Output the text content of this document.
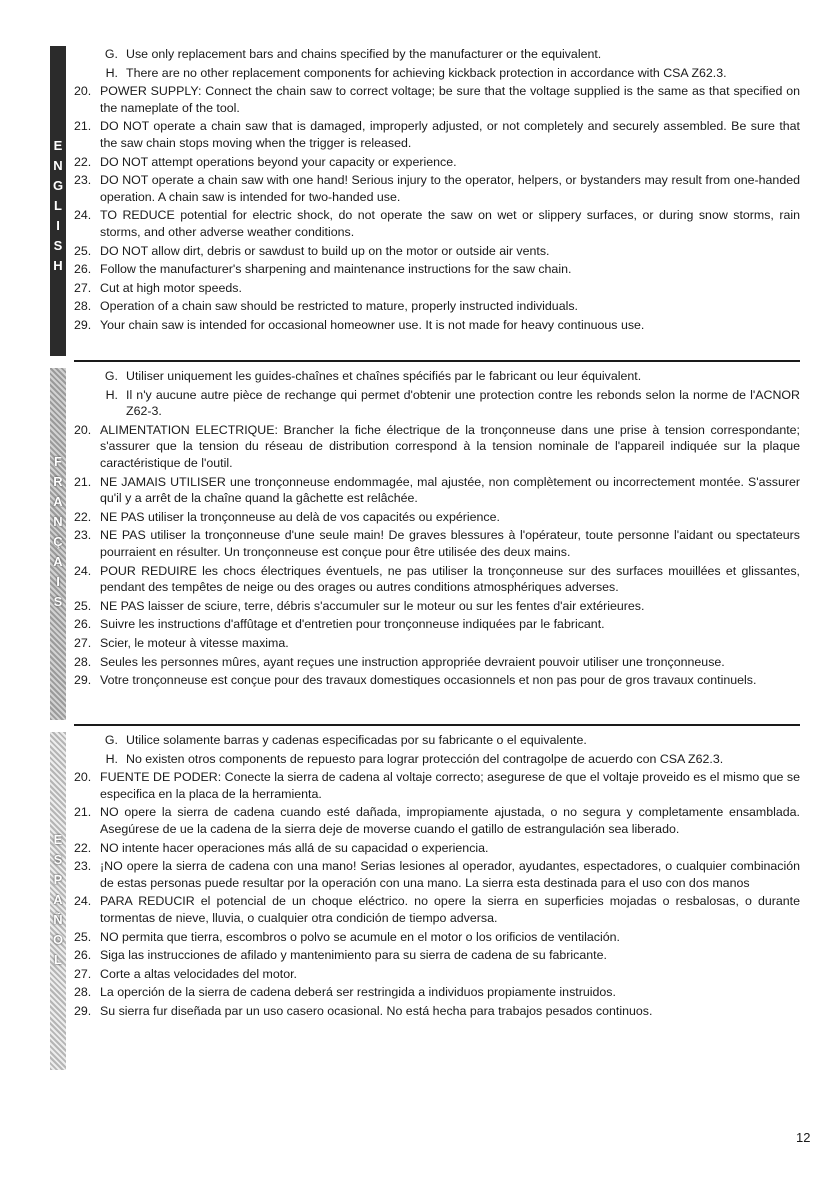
E
N
G
L
I
S
H
G. Use only replacement bars and chains specified by the manufacturer or the equivalent.
H. There are no other replacement components for achieving kickback protection in accordance with CSA Z62.3.
20. POWER SUPPLY: Connect the chain saw to correct voltage; be sure that the voltage supplied is the same as that specified on the nameplate of the tool.
21. DO NOT operate a chain saw that is damaged, improperly adjusted, or not completely and securely assembled. Be sure that the saw chain stops moving when the trigger is released.
22. DO NOT attempt operations beyond your capacity or experience.
23. DO NOT operate a chain saw with one hand! Serious injury to the operator, helpers, or bystanders may result from one-handed operation. A chain saw is intended for two-handed use.
24. TO REDUCE potential for electric shock, do not operate the saw on wet or slippery surfaces, or during snow storms, rain storms, and other adverse weather conditions.
25. DO NOT allow dirt, debris or sawdust to build up on the motor or outside air vents.
26. Follow the manufacturer's sharpening and maintenance instructions for the saw chain.
27. Cut at high motor speeds.
28. Operation of a chain saw should be restricted to mature, properly instructed individuals.
29. Your chain saw is intended for occasional homeowner use. It is not made for heavy continuous use.
F
R
A
N
Ç
A
I
S
G. Utiliser uniquement les guides-chaînes et chaînes spécifiés par le fabricant ou leur équivalent.
H. Il n'y aucune autre pièce de rechange qui permet d'obtenir une protection contre les rebonds selon la norme de l'ACNOR Z62-3.
20. ALIMENTATION ELECTRIQUE: Brancher la fiche électrique de la tronçonneuse dans une prise à tension correspondante; s'assurer que la tension du réseau de distribution correspond à la tension nominale de l'appareil indiquée sur la plaque caractéristique de l'outil.
21. NE JAMAIS UTILISER une tronçonneuse endommagée, mal ajustée, non complètement ou incorrectement montée. S'assurer qu'il y a arrêt de la chaîne quand la gâchette est relâchée.
22. NE PAS utiliser la tronçonneuse au delà de vos capacités ou expérience.
23. NE PAS utiliser la tronçonneuse d'une seule main! De graves blessures à l'opérateur, toute personne l'aidant ou spectateurs pourraient en résulter. Un tronçonneuse est conçue pour être utilisée des deux mains.
24. POUR REDUIRE les chocs électriques éventuels, ne pas utiliser la tronçonneuse sur des surfaces mouillées et glissantes, pendant des tempêtes de neige ou des orages ou autres conditions atmosphériques adverses.
25. NE PAS laisser de sciure, terre, débris s'accumuler sur le moteur ou sur les fentes d'air extérieures.
26. Suivre les instructions d'affûtage et d'entretien pour tronçonneuse indiquées par le fabricant.
27. Scier, le moteur à vitesse maxima.
28. Seules les personnes mûres, ayant reçues une instruction appropriée devraient pouvoir utiliser une tronçonneuse.
29. Votre tronçonneuse est conçue pour des travaux domestiques occasionnels et non pas pour de gros travaux continuels.
E
S
P
A
Ñ
O
L
G. Utilice solamente barras y cadenas especificadas por su fabricante o el equivalente.
H. No existen otros components de repuesto para lograr protección del contragolpe de acuerdo con CSA Z62.3.
20. FUENTE DE PODER: Conecte la sierra de cadena al voltaje correcto; asegurese de que el voltaje proveido es el mismo que se especifica en la placa de la herramienta.
21. NO opere la sierra de cadena cuando esté dañada, impropiamente ajustada, o no segura y completamente ensamblada. Asegúrese de ue la cadena de la sierra deje de moverse cuando el gatillo de estrangulación sea liberado.
22. NO intente hacer operaciones más allá de su capacidad o experiencia.
23. ¡NO opere la sierra de cadena con una mano! Serias lesiones al operador, ayudantes, espectadores, o cualquier combinación de estas personas puede resultar por la operación con una mano. La sierra esta destinada para el uso con dos manos
24. PARA REDUCIR el potencial de un choque eléctrico. no opere la sierra en superficies mojadas o resbalosas, o durante tormentas de nieve, lluvia, o cualquier otra condición de tiempo adversa.
25. NO permita que tierra, escombros o polvo se acumule en el motor o los orificios de ventilación.
26. Siga las instrucciones de afilado y mantenimiento para su sierra de cadena de su fabricante.
27. Corte a altas velocidades del motor.
28. La operción de la sierra de cadena deberá ser restringida a individuos propiamente instruidos.
29. Su sierra fur diseñada par un uso casero ocasional. No está hecha para trabajos pesados continuos.
12
